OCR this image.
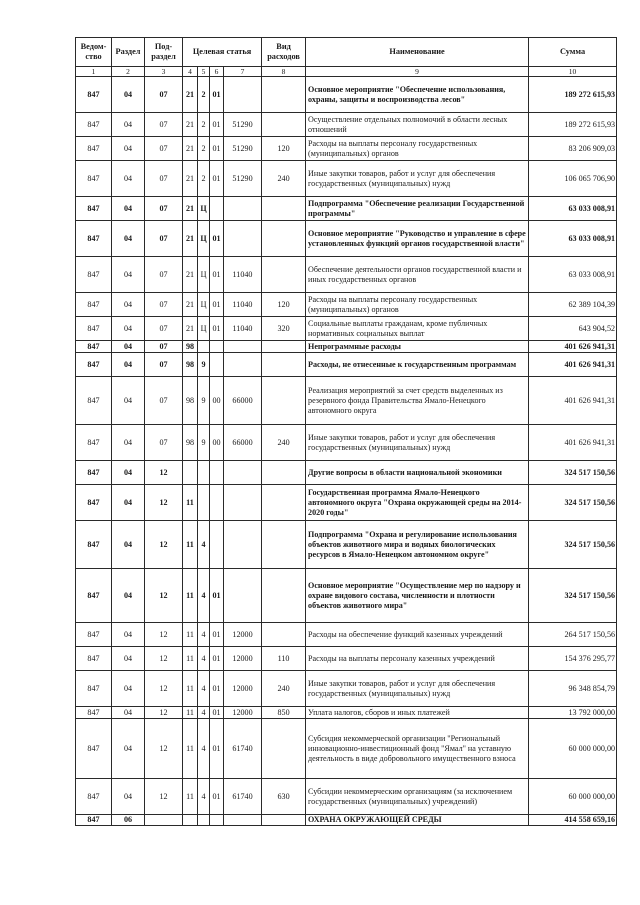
Ведом-ство	Раздел	Под-раздел	Целевая статья				Вид расходов	Наименование	Сумма
1	2	3	4	5	6	7	8	9	10
847	04	07	21	2	01			Основное мероприятие "Обеспечение использования, охраны, защиты и воспроизводства лесов"	189 272 615,93
847	04	07	21	2	01	51290		Осуществление отдельных полномочий в области лесных отношений	189 272 615,93
847	04	07	21	2	01	51290	120	Расходы на выплаты персоналу государственных (муниципальных) органов	83 206 909,03
847	04	07	21	2	01	51290	240	Иные закупки товаров, работ и услуг для обеспечения государственных (муниципальных) нужд	106 065 706,90
847	04	07	21	Ц				Подпрограмма "Обеспечение реализации Государственной программы"	63 033 008,91
847	04	07	21	Ц	01			Основное мероприятие "Руководство и управление в сфере установленных функций органов государственной власти"	63 033 008,91
847	04	07	21	Ц	01	11040		Обеспечение деятельности органов государственной власти и иных государственных органов	63 033 008,91
847	04	07	21	Ц	01	11040	120	Расходы на выплаты персоналу государственных (муниципальных) органов	62 389 104,39
847	04	07	21	Ц	01	11040	320	Социальные выплаты гражданам, кроме публичных нормативных социальных выплат	643 904,52
847	04	07	98					Непрограммные расходы	401 626 941,31
847	04	07	98	9				Расходы, не отнесенные к государственным программам	401 626 941,31
847	04	07	98	9	00	66000		Реализация мероприятий за счет средств выделенных из резервного фонда Правительства Ямало-Ненецкого автономного округа	401 626 941,31
847	04	07	98	9	00	66000	240	Иные закупки товаров, работ и услуг для обеспечения государственных (муниципальных) нужд	401 626 941,31
847	04	12						Другие вопросы в области национальной экономики	324 517 150,56
847	04	12	11					Государственная программа Ямало-Ненецкого автономного округа "Охрана окружающей среды на 2014-2020 годы"	324 517 150,56
847	04	12	11	4				Подпрограмма "Охрана и регулирование использования объектов животного мира и водных биологических ресурсов в Ямало-Ненецком автономном округе"	324 517 150,56
847	04	12	11	4	01			Основное мероприятие "Осуществление мер по надзору и охране видового состава, численности и плотности объектов животного мира"	324 517 150,56
847	04	12	11	4	01	12000		Расходы на обеспечение функций казенных учреждений	264 517 150,56
847	04	12	11	4	01	12000	110	Расходы на выплаты персоналу казенных учреждений	154 376 295,77
847	04	12	11	4	01	12000	240	Иные закупки товаров, работ и услуг для обеспечения государственных (муниципальных) нужд	96 348 854,79
847	04	12	11	4	01	12000	850	Уплата налогов, сборов и иных платежей	13 792 000,00
847	04	12	11	4	01	61740		Субсидия некоммерческой организации "Региональный инновационно-инвестиционный фонд "Ямал" на уставную деятельность в виде добровольного имущественного взноса	60 000 000,00
847	04	12	11	4	01	61740	630	Субсидии некоммерческим организациям (за исключением государственных (муниципальных) учреждений)	60 000 000,00
847	06							ОХРАНА ОКРУЖАЮЩЕЙ СРЕДЫ	414 558 659,16
